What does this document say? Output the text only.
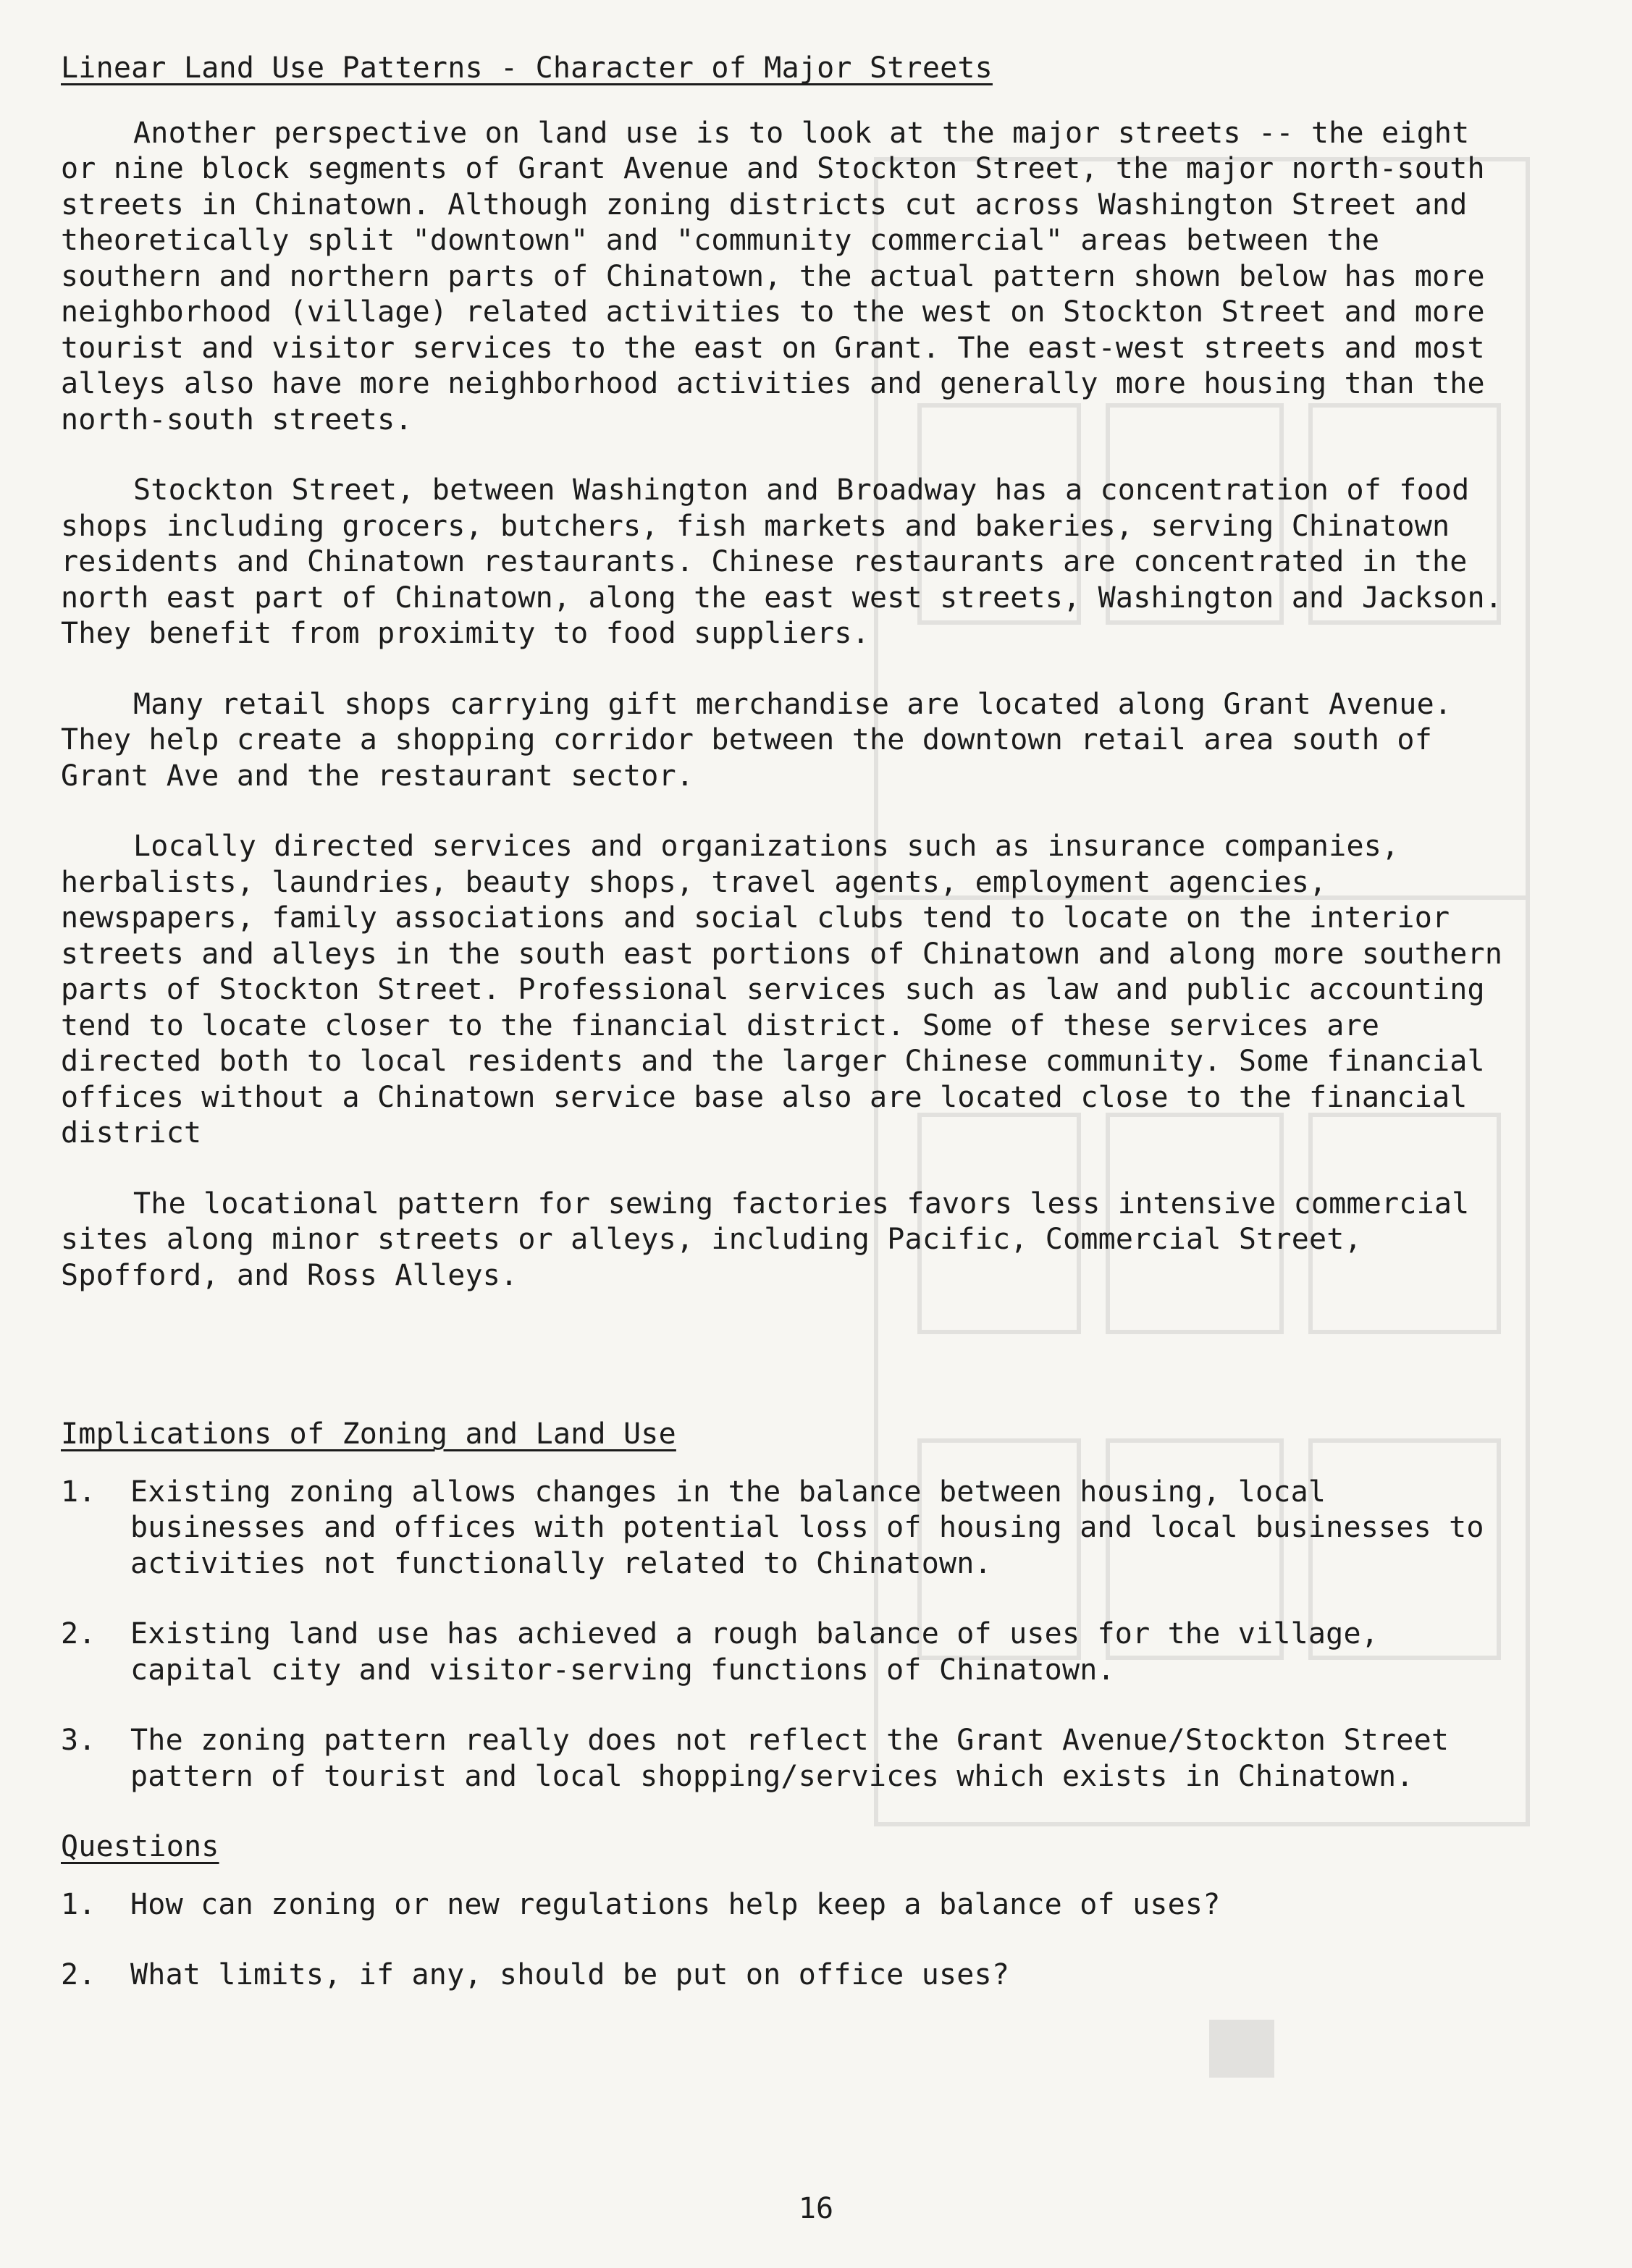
Linear Land Use Patterns - Character of Major Streets

Another perspective on land use is to look at the major streets -- the eight or nine block segments of Grant Avenue and Stockton Street, the major north-south streets in Chinatown. Although zoning districts cut across Washington Street and theoretically split "downtown" and "community commercial" areas between the southern and northern parts of Chinatown, the actual pattern shown below has more neighborhood (village) related activities to the west on Stockton Street and more tourist and visitor services to the east on Grant. The east-west streets and most alleys also have more neighborhood activities and generally more housing than the north-south streets.

Stockton Street, between Washington and Broadway has a concentration of food shops including grocers, butchers, fish markets and bakeries, serving Chinatown residents and Chinatown restaurants. Chinese restaurants are concentrated in the north east part of Chinatown, along the east west streets, Washington and Jackson. They benefit from proximity to food suppliers.

Many retail shops carrying gift merchandise are located along Grant Avenue. They help create a shopping corridor between the downtown retail area south of Grant Ave and the restaurant sector.

Locally directed services and organizations such as insurance companies, herbalists, laundries, beauty shops, travel agents, employment agencies, newspapers, family associations and social clubs tend to locate on the interior streets and alleys in the south east portions of Chinatown and along more southern parts of Stockton Street. Professional services such as law and public accounting tend to locate closer to the financial district. Some of these services are directed both to local residents and the larger Chinese community. Some financial offices without a Chinatown service base also are located close to the financial district

The locational pattern for sewing factories favors less intensive commercial sites along minor streets or alleys, including Pacific, Commercial Street, Spofford, and Ross Alleys.

Implications of Zoning and Land Use
1.	Existing zoning allows changes in the balance between housing, local businesses and offices with potential loss of housing and local businesses to activities not functionally related to Chinatown.
2.	Existing land use has achieved a rough balance of uses for the village, capital city and visitor-serving functions of Chinatown.
3.	The zoning pattern really does not reflect the Grant Avenue/Stockton Street pattern of tourist and local shopping/services which exists in Chinatown.
Questions
1.	How can zoning or new regulations help keep a balance of uses?
2.	What limits, if any, should be put on office uses?
16
